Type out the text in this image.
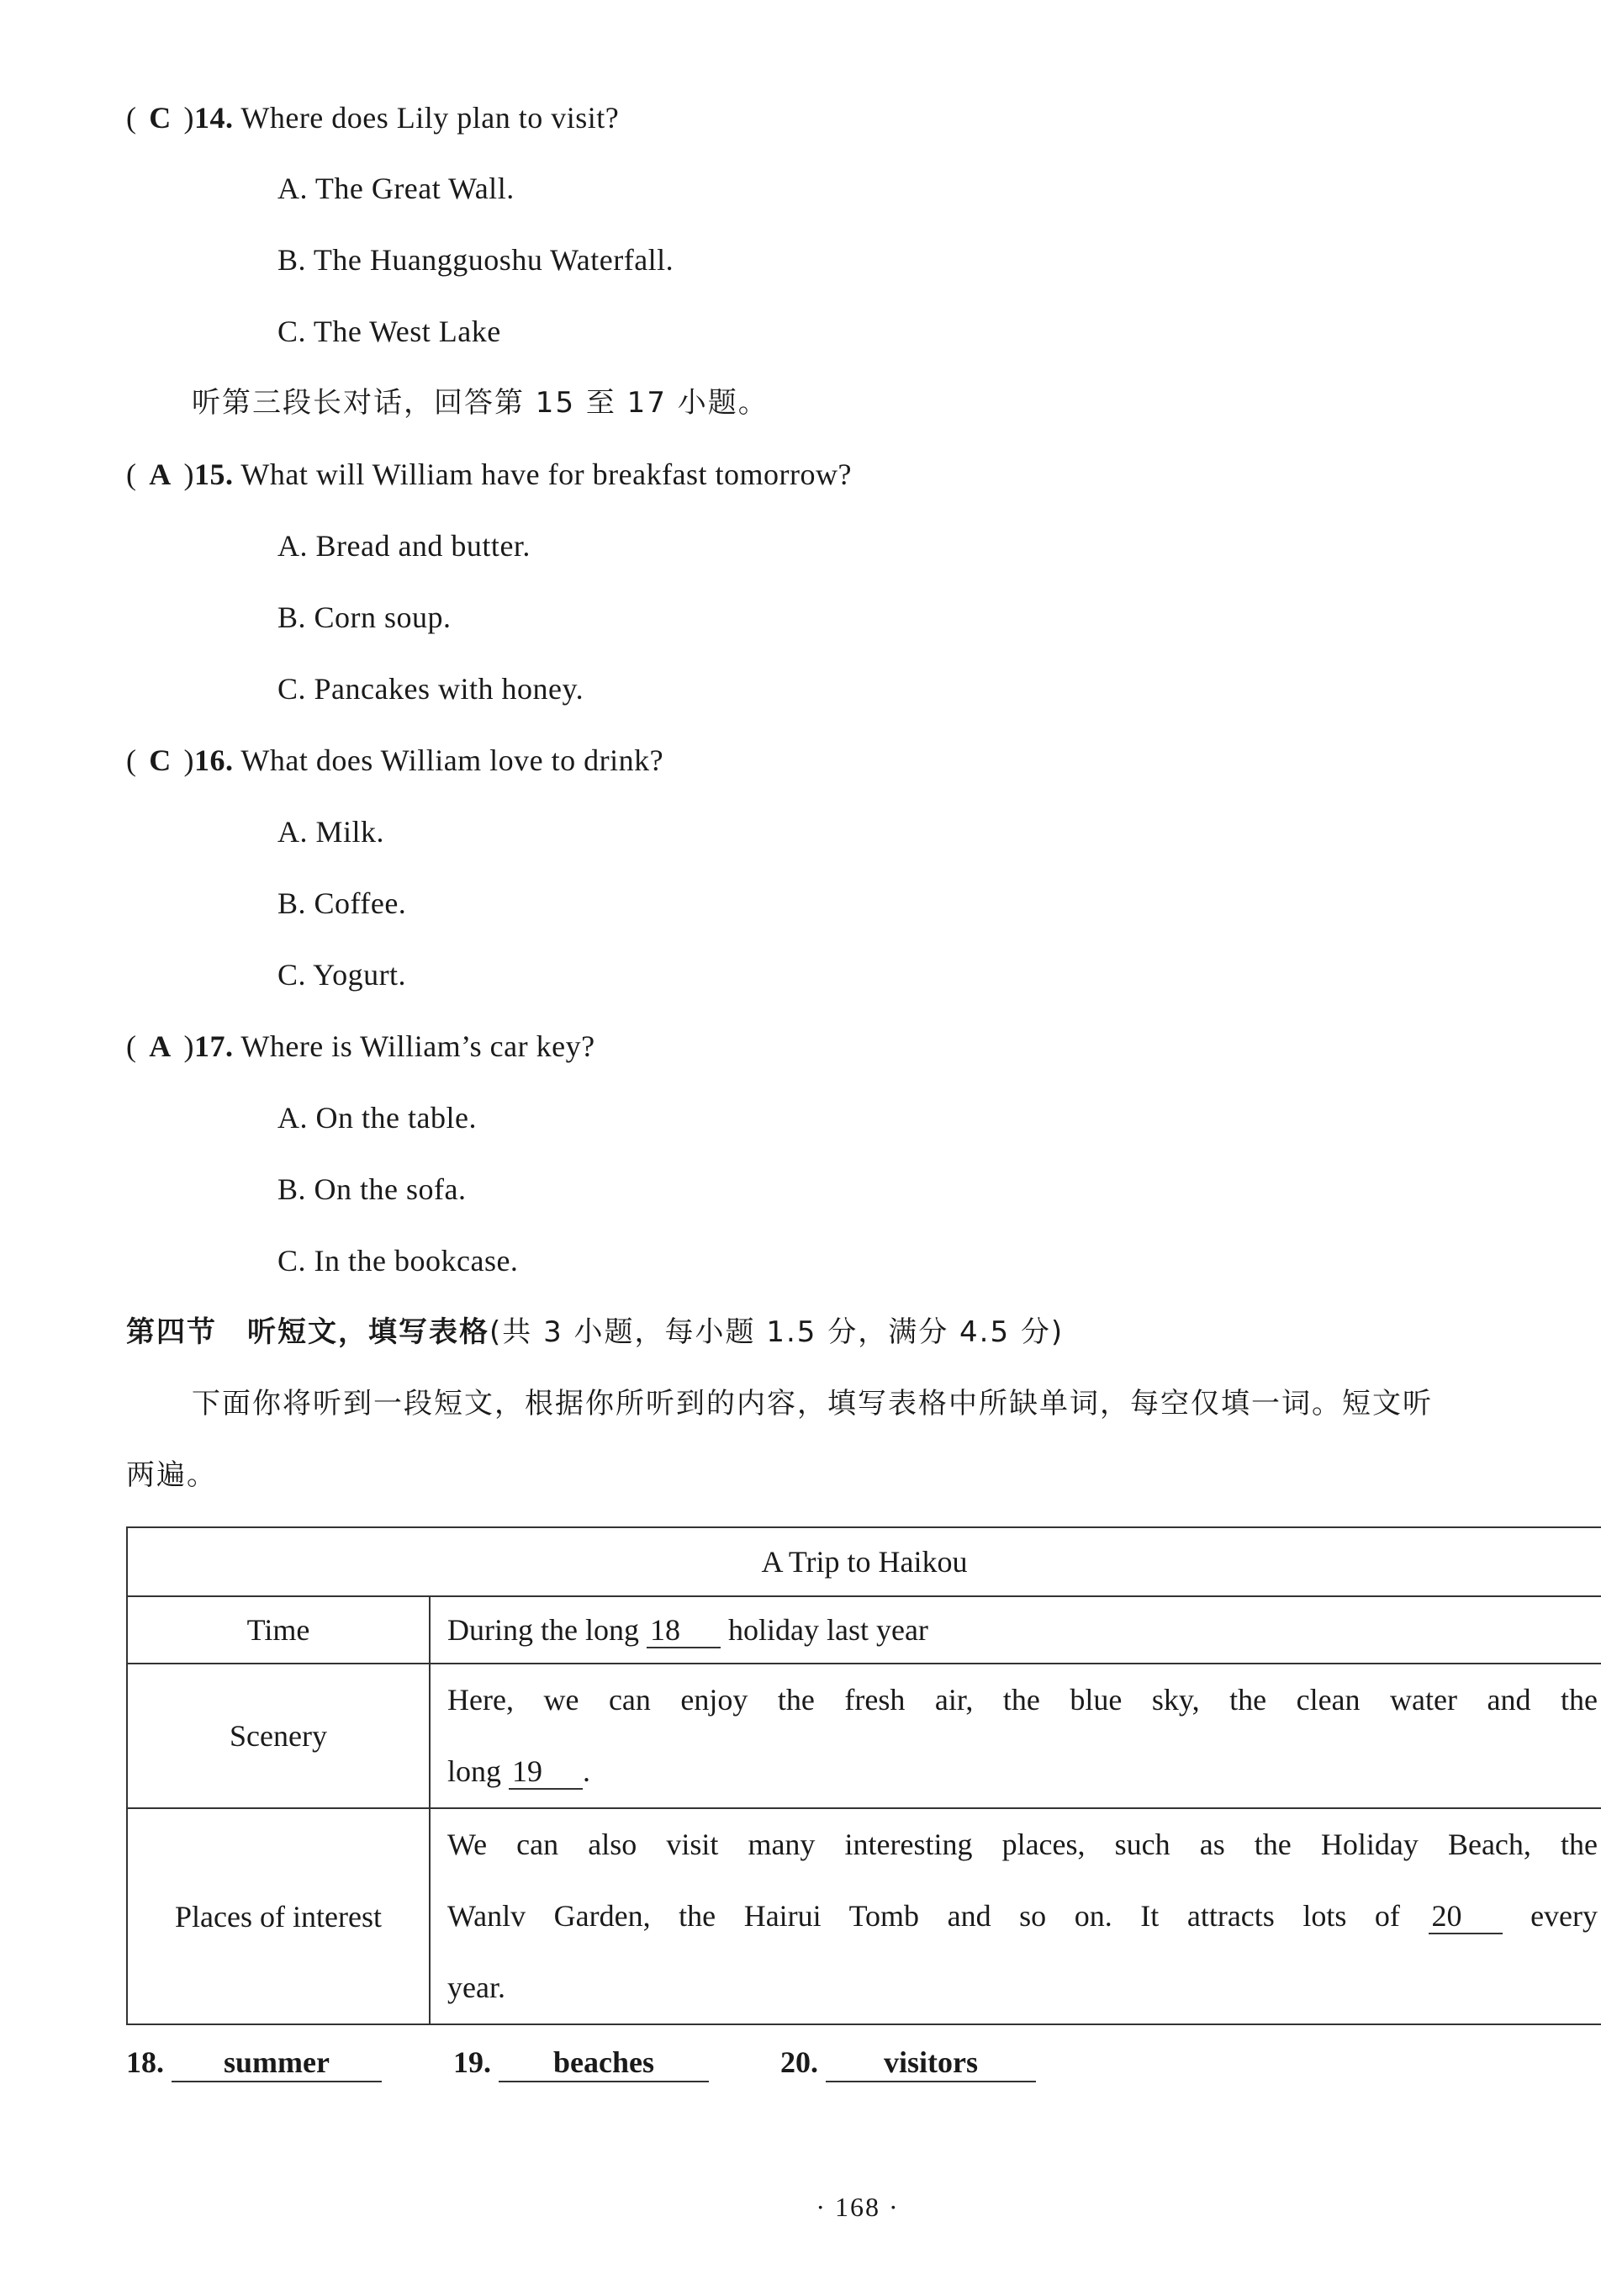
( C )14. Where does Lily plan to visit?
A. The Great Wall.
B. The Huangguoshu Waterfall.
C. The West Lake
听第三段长对话，回答第 15 至 17 小题。
( A )15. What will William have for breakfast tomorrow?
A. Bread and butter.
B. Corn soup.
C. Pancakes with honey.
( C )16. What does William love to drink?
A. Milk.
B. Coffee.
C. Yogurt.
( A )17. Where is William’s car key?
A. On the table.
B. On the sofa.
C. In the bookcase.
第四节　听短文，填写表格(共 3 小题，每小题 1.5 分，满分 4.5 分)
下面你将听到一段短文，根据你所听到的内容，填写表格中所缺单词，每空仅填一词。短文听
两遍。
A Trip to Haikou	
Time	During the long 18 holiday last year
Scenery	Here, we can enjoy the fresh air, the blue sky, the clean water and the
long 19 .
Places of interest	We can also visit many interesting places, such as the Holiday Beach, the
Wanlv Garden, the Hairui Tomb and so on. It attracts lots of 20 every
year.
18. summer	19. beaches	20. visitors
· 168 ·
